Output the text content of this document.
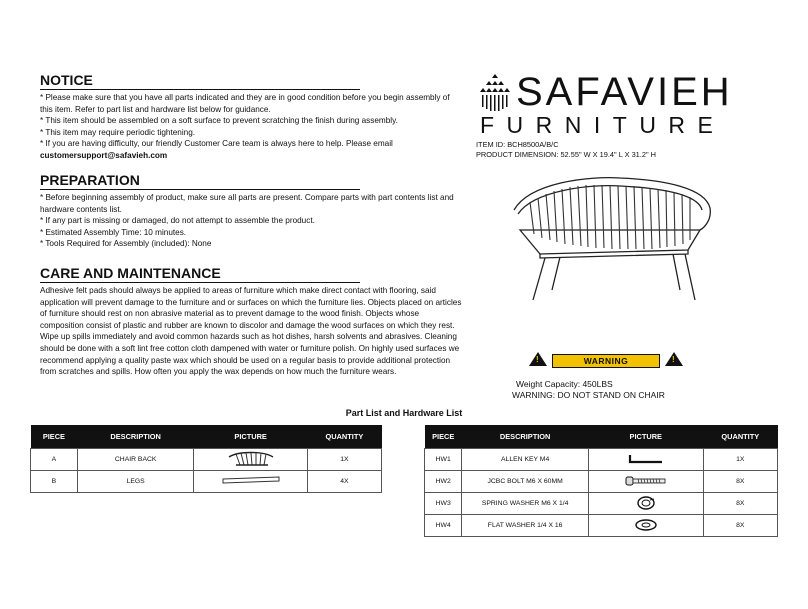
NOTICE
* Please make sure that you have all parts indicated and they are in good condition before you begin assembly of this item. Refer to part list and hardware list below for guidance.
* This item should be assembled on a soft surface to prevent scratching the finish during assembly.
* This item may require periodic tightening.
* If you are having difficulty, our friendly Customer Care team is always here to help. Please email
customersupport@safavieh.com
PREPARATION
* Before beginning assembly of product, make sure all parts are present. Compare parts with part contents list and hardware contents list.
* If any part is missing or damaged, do not attempt to assemble the product.
* Estimated Assembly Time: 10 minutes.
* Tools Required for Assembly (included): None
CARE AND MAINTENANCE
Adhesive felt pads should always be applied to areas of furniture which make direct contact with flooring, said application will prevent damage to the furniture and or surfaces on which the furniture lies. Objects placed on articles of furniture should rest on non abrasive material as to prevent damage to the wood finish. Objects whose composition consist of plastic and rubber are known to discolor and damage the wood surfaces on which they rest. Wipe up spills immediately and avoid common hazards such as hot dishes, harsh solvents and abrasives. Cleaning should be done with a soft lint free cotton cloth dampened with water or furniture polish. On highly used surfaces we recommend applying a quality paste wax which should be used on a regular basis to provide additional protection from scratches and spills. How often you apply the wax depends on how much the furniture wears.
SAFAVIEH
FURNITURE
ITEM ID: BCH8500A/B/C
PRODUCT DIMENSION: 52.55" W X 19.4" L X 31.2" H
!	!
WARNING
Weight Capacity: 450LBS
WARNING: DO NOT STAND ON CHAIR
Part List and Hardware List
PIECE	DESCRIPTION	PICTURE	QUANTITY
A	CHAIR BACK		1X
B	LEGS		4X
PIECE	DESCRIPTION	PICTURE	QUANTITY
HW1	ALLEN KEY M4		1X
HW2	JCBC BOLT M6 X 60MM		8X
HW3	SPRING WASHER M6 X 1/4		8X
HW4	FLAT WASHER 1/4 X 16		8X
